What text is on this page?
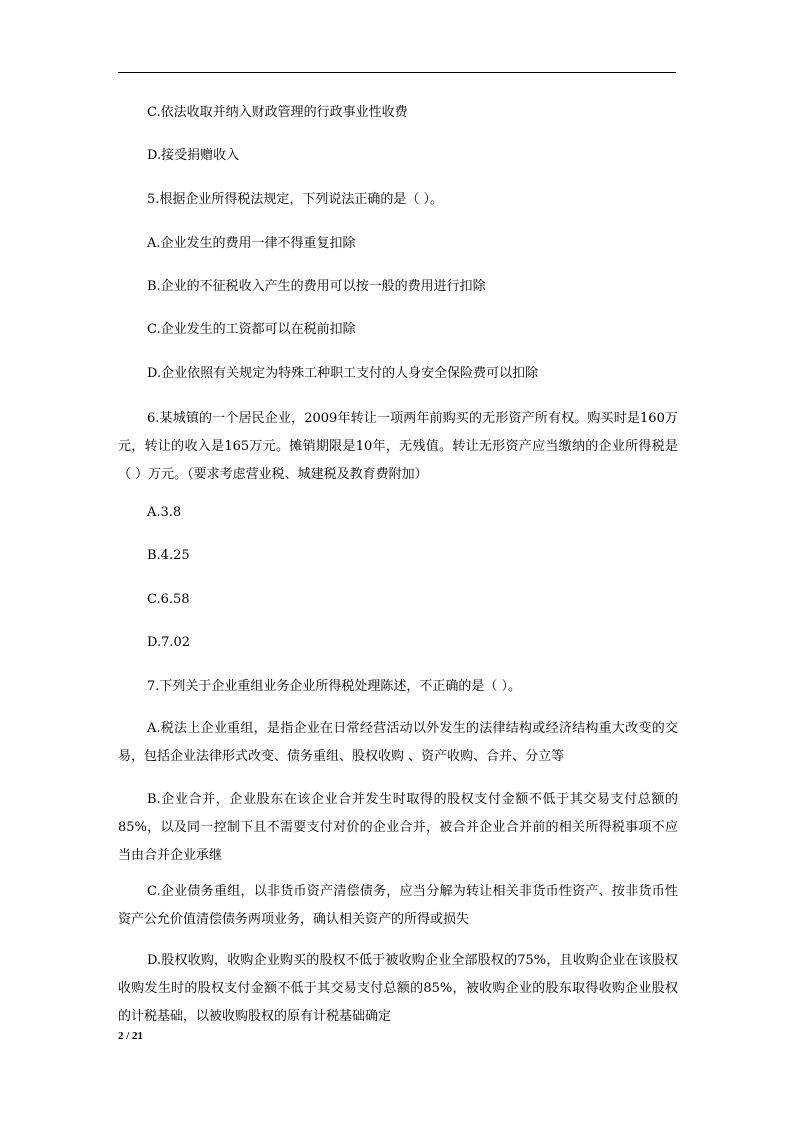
C.依法收取并纳入财政管理的行政事业性收费
D.接受捐赠收入
5.根据企业所得税法规定，下列说法正确的是（ ）。
A.企业发生的费用一律不得重复扣除
B.企业的不征税收入产生的费用可以按一般的费用进行扣除
C.企业发生的工资都可以在税前扣除
D.企业依照有关规定为特殊工种职工支付的人身安全保险费可以扣除
6.某城镇的一个居民企业，2009年转让一项两年前购买的无形资产所有权。购买时是160万元，转让的收入是165万元。摊销期限是10年，无残值。转让无形资产应当缴纳的企业所得税是（ ）万元。（要求考虑营业税、城建税及教育费附加）
A.3.8
B.4.25
C.6.58
D.7.02
7.下列关于企业重组业务企业所得税处理陈述，不正确的是（ ）。
A.税法上企业重组，是指企业在日常经营活动以外发生的法律结构或经济结构重大改变的交易，包括企业法律形式改变、债务重组、股权收购 、资产收购、合并、分立等
B.企业合并，企业股东在该企业合并发生时取得的股权支付金额不低于其交易支付总额的85%，以及同一控制下且不需要支付对价的企业合并，被合并企业合并前的相关所得税事项不应当由合并企业承继
C.企业债务重组，以非货币资产清偿债务，应当分解为转让相关非货币性资产、按非货币性资产公允价值清偿债务两项业务，确认相关资产的所得或损失
D.股权收购，收购企业购买的股权不低于被收购企业全部股权的75%，且收购企业在该股权收购发生时的股权支付金额不低于其交易支付总额的85%，被收购企业的股东取得收购企业股权的计税基础，以被收购股权的原有计税基础确定
2 / 21
